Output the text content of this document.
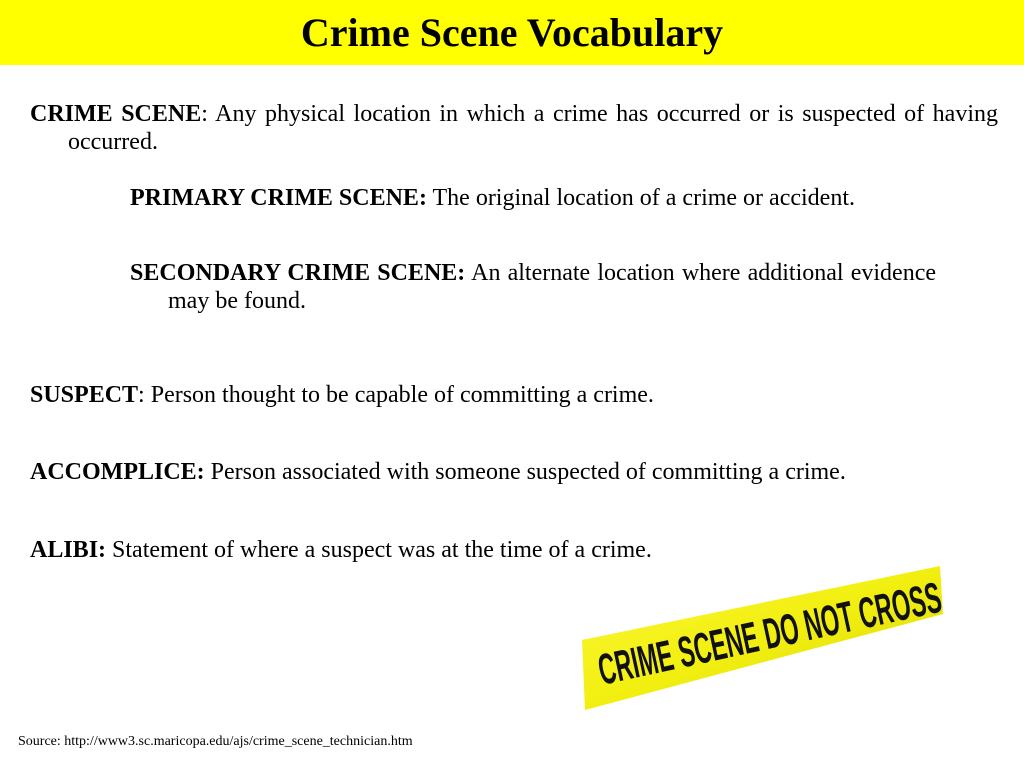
Crime Scene Vocabulary
CRIME SCENE: Any physical location in which a crime has occurred or is suspected of having occurred.
PRIMARY CRIME SCENE: The original location of a crime or accident.
SECONDARY CRIME SCENE: An alternate location where additional evidence may be found.
SUSPECT: Person thought to be capable of committing a crime.
ACCOMPLICE: Person associated with someone suspected of committing a crime.
ALIBI: Statement of where a suspect was at the time of a crime.
CRIME SCENE DO NOT CROSS
Source: http://www3.sc.maricopa.edu/ajs/crime_scene_technician.htm
